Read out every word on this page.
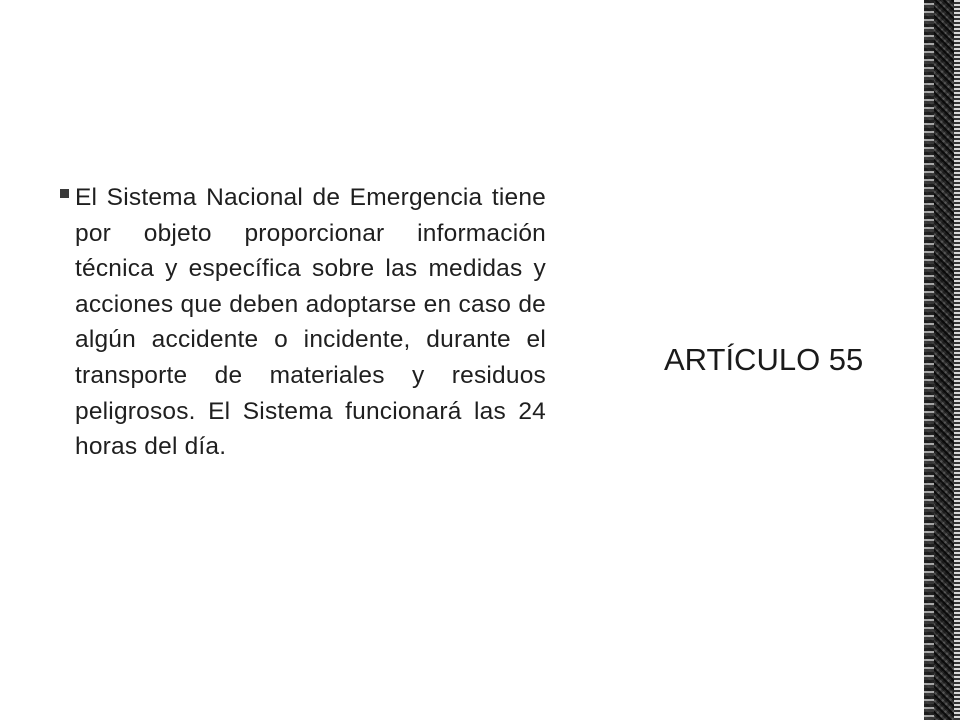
El Sistema Nacional de Emergencia tiene por objeto proporcionar información técnica y específica sobre las medidas y acciones que deben adoptarse en caso de algún accidente o incidente, durante el transporte de materiales y residuos peligrosos. El Sistema funcionará las 24 horas del día.
ARTÍCULO 55
